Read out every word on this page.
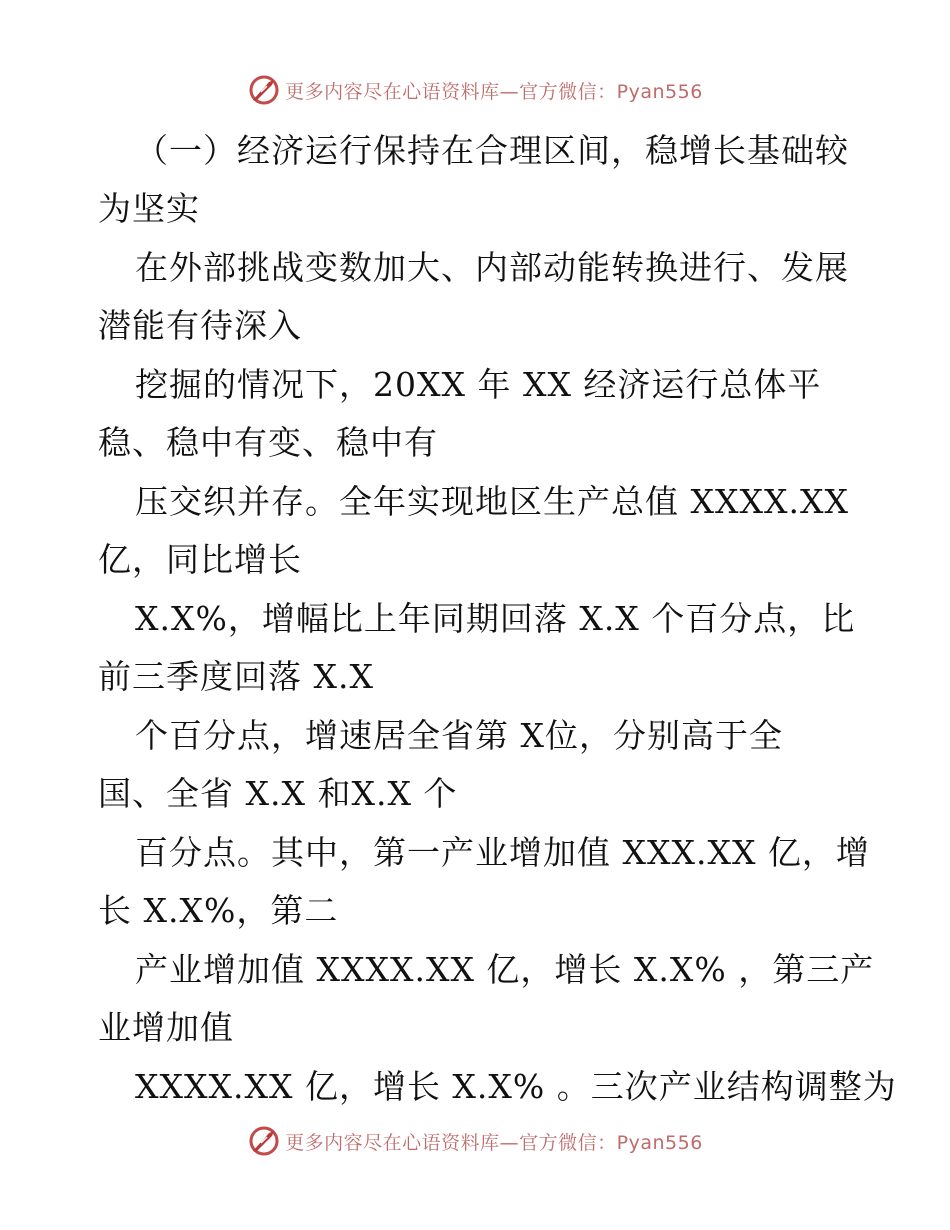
更多内容尽在心语资料库—官方微信：Pyan556
（一）经济运行保持在合理区间，稳增长基础较
为坚实
在外部挑战变数加大、内部动能转换进行、发展
潜能有待深入
挖掘的情况下，20XX 年 XX 经济运行总体平
稳、稳中有变、稳中有
压交织并存。全年实现地区生产总值 XXXX.XX
亿，同比增长
X.X%，增幅比上年同期回落 X.X 个百分点，比
前三季度回落 X.X
个百分点，增速居全省第 X位，分别高于全
国、全省 X.X 和X.X 个
百分点。其中，第一产业增加值 XXX.XX 亿，增
长 X.X%，第二
产业增加值 XXXX.XX 亿，增长 X.X% ，第三产
业增加值
XXXX.XX 亿，增长 X.X% 。三次产业结构调整为
更多内容尽在心语资料库—官方微信：Pyan556
